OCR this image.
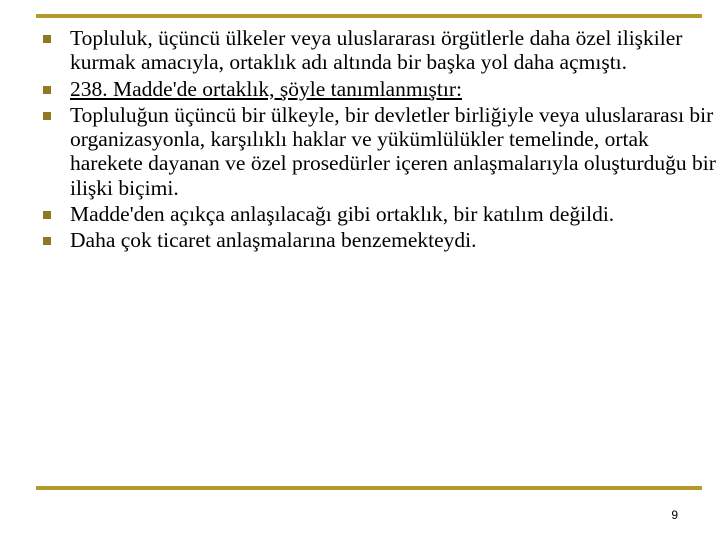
Topluluk, üçüncü ülkeler veya uluslararası örgütlerle daha özel ilişkiler kurmak amacıyla, ortaklık adı altında bir başka yol daha açmıştı.
238. Madde'de ortaklık, şöyle tanımlanmıştır:
Topluluğun üçüncü bir ülkeyle, bir devletler birliğiyle veya uluslararası bir organizasyonla, karşılıklı haklar ve yükümlülükler temelinde, ortak harekete dayanan ve özel prosedürler içeren anlaşmalarıyla oluşturduğu bir ilişki biçimi.
Madde'den açıkça anlaşılacağı gibi ortaklık, bir katılım değildi.
Daha çok ticaret anlaşmalarına benzemekteydi.
9
